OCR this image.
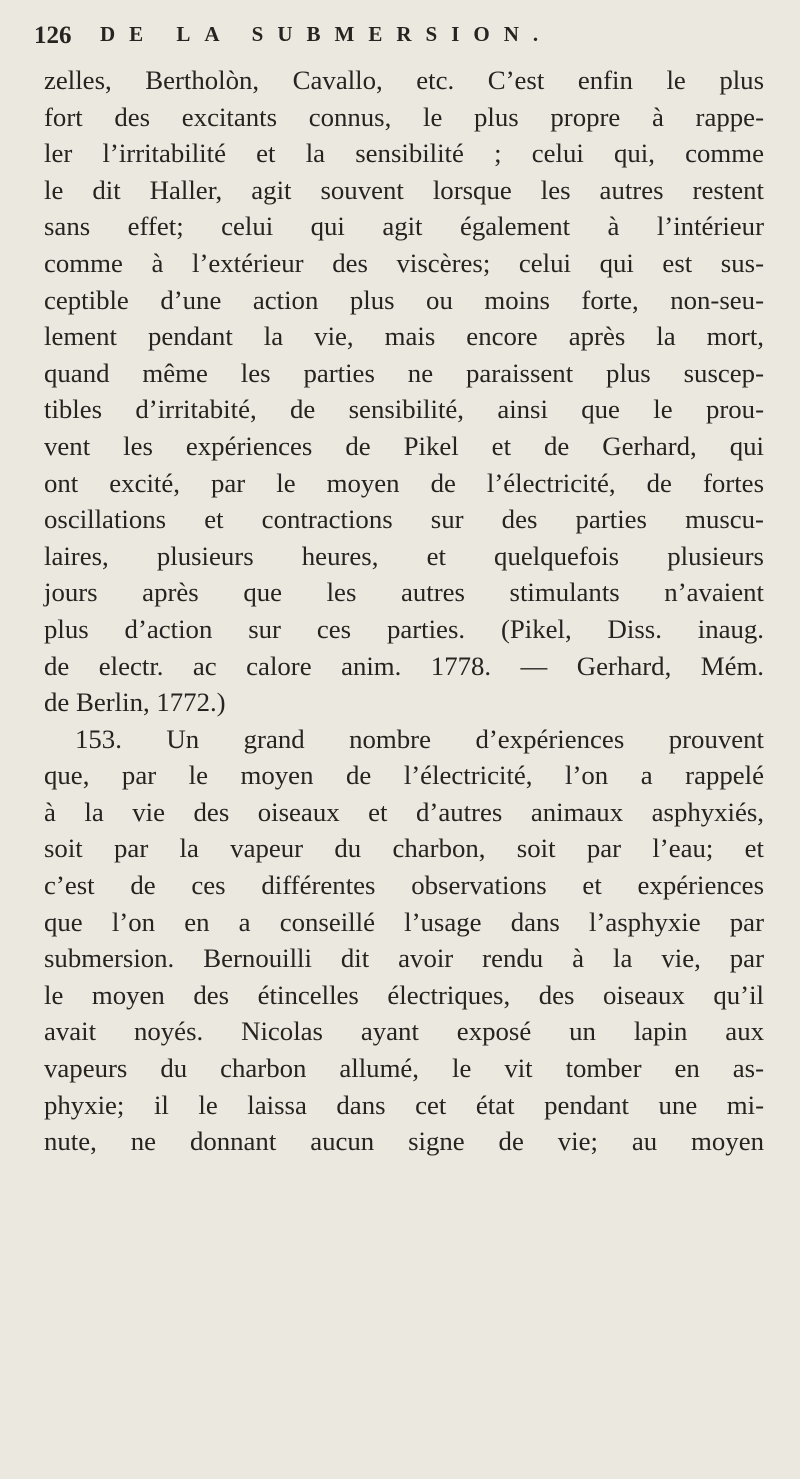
126 DE LA SUBMERSION.
zelles, Bertholòn, Cavallo, etc. C’est enfin le plus
fort des excitants connus, le plus propre à rappe-
ler l’irritabilité et la sensibilité ; celui qui, comme
le dit Haller, agit souvent lorsque les autres restent
sans effet; celui qui agit également à l’intérieur
comme à l’extérieur des viscères; celui qui est sus-
ceptible d’une action plus ou moins forte, non-seu-
lement pendant la vie, mais encore après la mort,
quand même les parties ne paraissent plus suscep-
tibles d’irritabité, de sensibilité, ainsi que le prou-
vent les expériences de Pikel et de Gerhard, qui
ont excité, par le moyen de l’électricité, de fortes
oscillations et contractions sur des parties muscu-
laires, plusieurs heures, et quelquefois plusieurs
jours après que les autres stimulants n’avaient
plus d’action sur ces parties. (Pikel, Diss. inaug.
de electr. ac calore anim. 1778. — Gerhard, Mém.
de Berlin, 1772.)
153. Un grand nombre d’expériences prouvent
que, par le moyen de l’électricité, l’on a rappelé
à la vie des oiseaux et d’autres animaux asphyxiés,
soit par la vapeur du charbon, soit par l’eau; et
c’est de ces différentes observations et expériences
que l’on en a conseillé l’usage dans l’asphyxie par
submersion. Bernouilli dit avoir rendu à la vie, par
le moyen des étincelles électriques, des oiseaux qu’il
avait noyés. Nicolas ayant exposé un lapin aux
vapeurs du charbon allumé, le vit tomber en as-
phyxie; il le laissa dans cet état pendant une mi-
nute, ne donnant aucun signe de vie; au moyen
